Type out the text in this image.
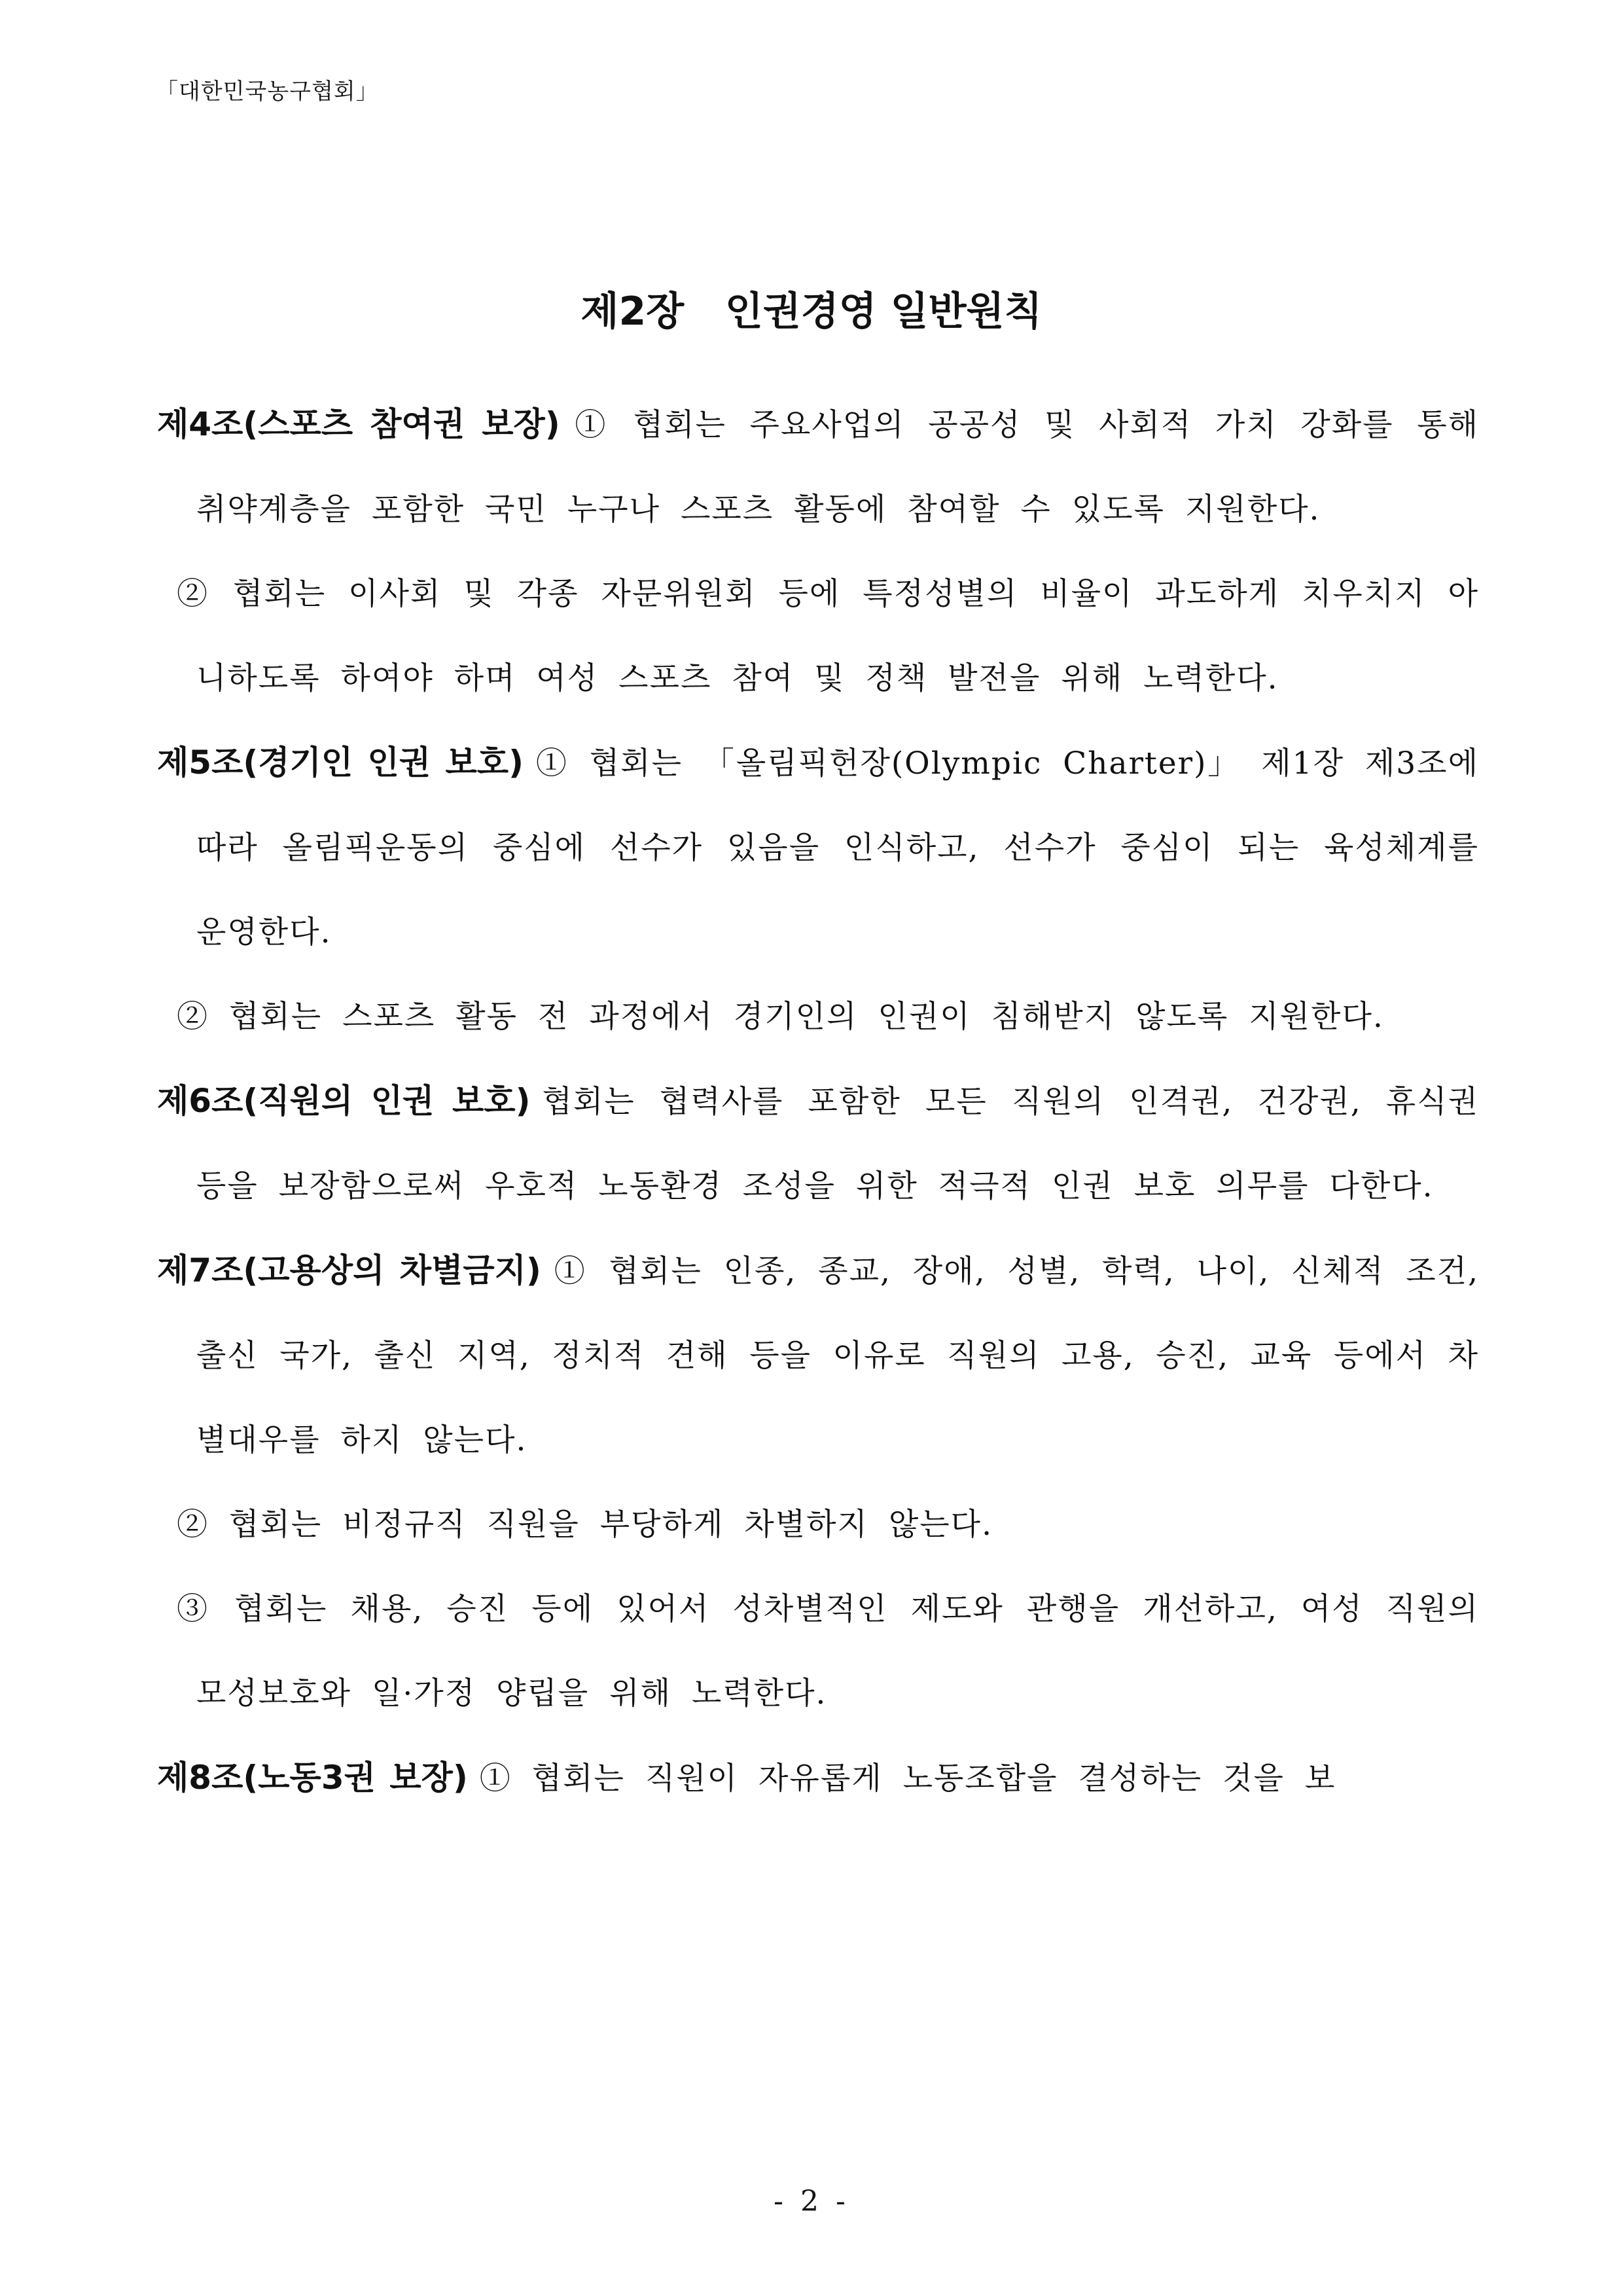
「대한민국농구협회」
제2장   인권경영 일반원칙
제4조(스포츠 참여권 보장) ① 협회는 주요사업의 공공성 및 사회적 가치 강화를 통해 취약계층을 포함한 국민 누구나 스포츠 활동에 참여할 수 있도록 지원한다.
② 협회는 이사회 및 각종 자문위원회 등에 특정성별의 비율이 과도하게 치우치지 아니하도록 하여야 하며 여성 스포츠 참여 및 정책 발전을 위해 노력한다.
제5조(경기인 인권 보호) ① 협회는 「올림픽헌장(Olympic Charter)」 제1장 제3조에 따라 올림픽운동의 중심에 선수가 있음을 인식하고, 선수가 중심이 되는 육성체계를 운영한다.
② 협회는 스포츠 활동 전 과정에서 경기인의 인권이 침해받지 않도록 지원한다.
제6조(직원의 인권 보호) 협회는 협력사를 포함한 모든 직원의 인격권, 건강권, 휴식권 등을 보장함으로써 우호적 노동환경 조성을 위한 적극적 인권 보호 의무를 다한다.
제7조(고용상의 차별금지) ① 협회는 인종, 종교, 장애, 성별, 학력, 나이, 신체적 조건, 출신 국가, 출신 지역, 정치적 견해 등을 이유로 직원의 고용, 승진, 교육 등에서 차별대우를 하지 않는다.
② 협회는 비정규직 직원을 부당하게 차별하지 않는다.
③ 협회는 채용, 승진 등에 있어서 성차별적인 제도와 관행을 개선하고, 여성 직원의 모성보호와 일·가정 양립을 위해 노력한다.
제8조(노동3권 보장) ① 협회는 직원이 자유롭게 노동조합을 결성하는 것을 보
- 2 -
